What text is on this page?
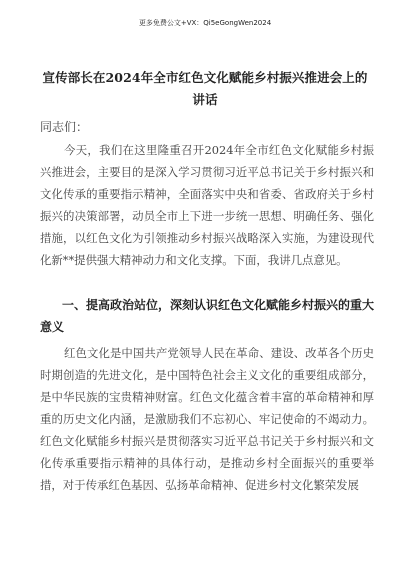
更多免费公文+VX：Qi5eGongWen2024
宣传部长在2024年全市红色文化赋能乡村振兴推进会上的
讲话
同志们：

今天，我们在这里隆重召开2024年全市红色文化赋能乡村振兴推进会，主要目的是深入学习贯彻习近平总书记关于乡村振兴和文化传承的重要指示精神，全面落实中央和省委、省政府关于乡村振兴的决策部署，动员全市上下进一步统一思想、明确任务、强化措施，以红色文化为引领推动乡村振兴战略深入实施，为建设现代化新**提供强大精神动力和文化支撑。下面，我讲几点意见。

一、提高政治站位，深刻认识红色文化赋能乡村振兴的重大意义

红色文化是中国共产党领导人民在革命、建设、改革各个历史时期创造的先进文化，是中国特色社会主义文化的重要组成部分，是中华民族的宝贵精神财富。红色文化蕴含着丰富的革命精神和厚重的历史文化内涵，是激励我们不忘初心、牢记使命的不竭动力。红色文化赋能乡村振兴是贯彻落实习近平总书记关于乡村振兴和文化传承重要指示精神的具体行动，是推动乡村全面振兴的重要举措，对于传承红色基因、弘扬革命精神、促进乡村文化繁荣发展
